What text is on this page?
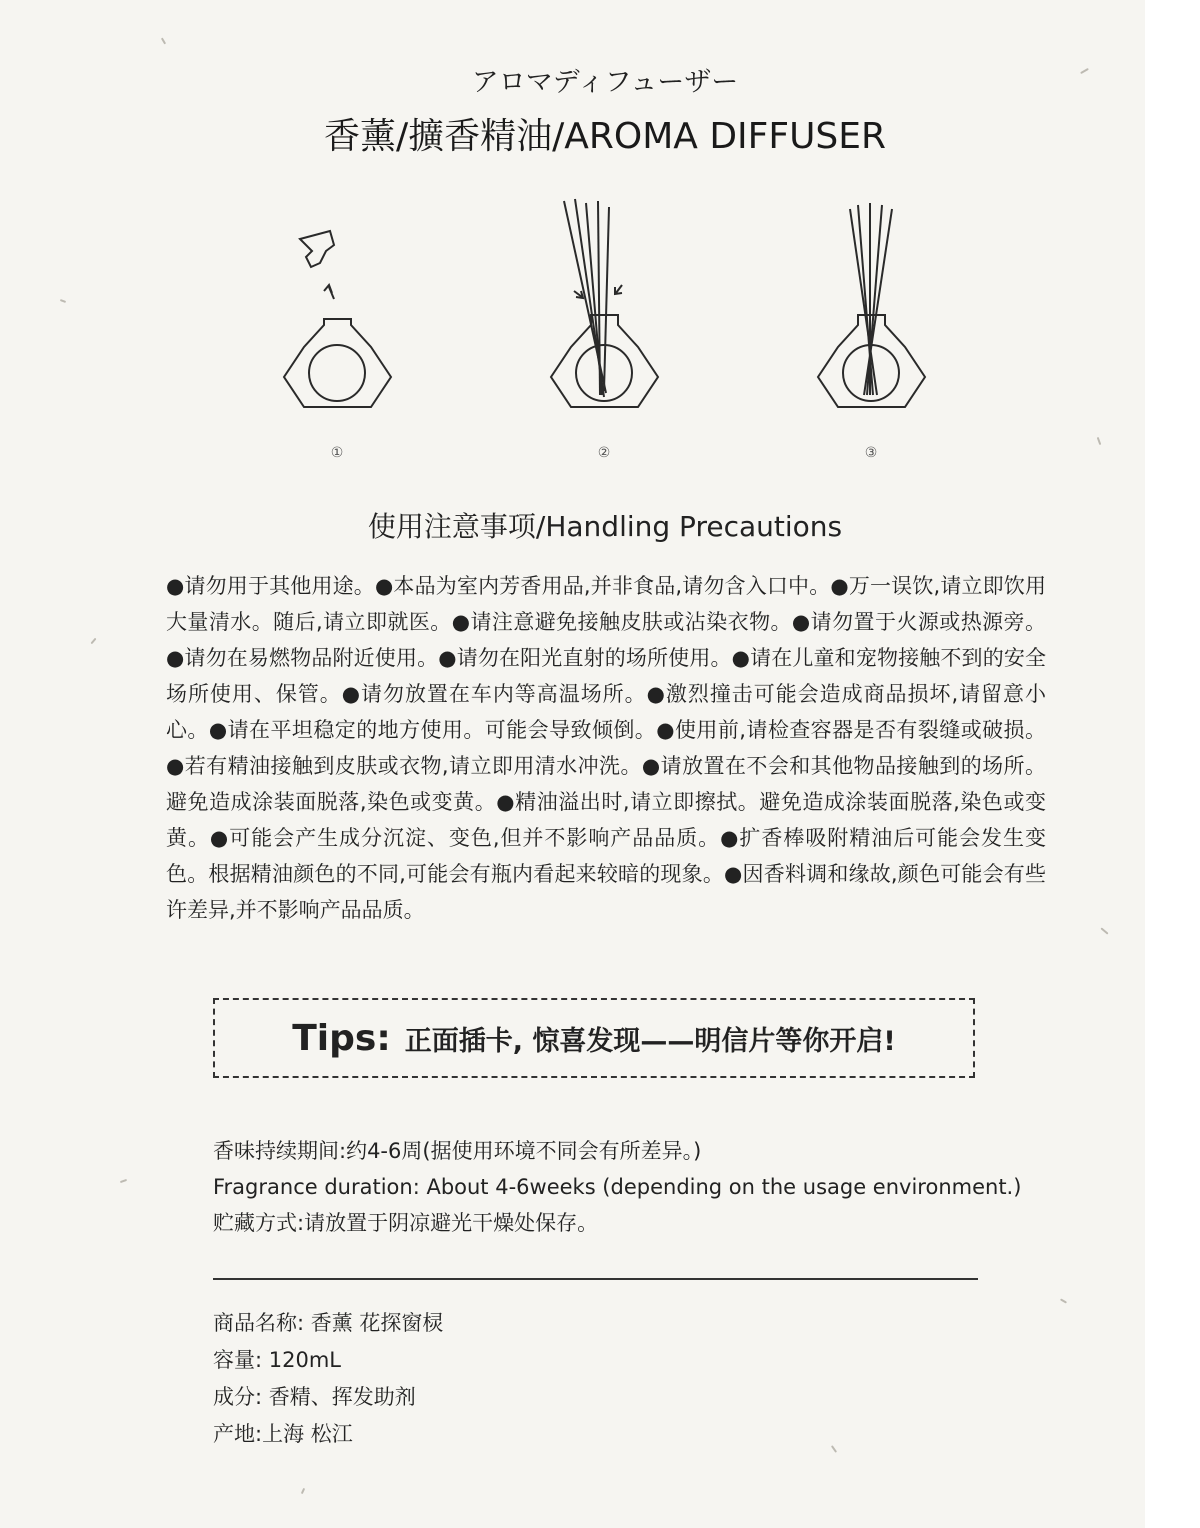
アロマディフューザー
香薰/擴香精油/AROMA DIFFUSER
①	②	③
使用注意事项/Handling Precautions
●请勿用于其他用途。●本品为室内芳香用品,并非食品,请勿含入口中。●万一误饮,请立即饮用大量清水。随后,请立即就医。●请注意避免接触皮肤或沾染衣物。●请勿置于火源或热源旁。●请勿在易燃物品附近使用。●请勿在阳光直射的场所使用。●请在儿童和宠物接触不到的安全场所使用、保管。●请勿放置在车内等高温场所。●激烈撞击可能会造成商品损坏,请留意小心。●请在平坦稳定的地方使用。可能会导致倾倒。●使用前,请检查容器是否有裂缝或破损。●若有精油接触到皮肤或衣物,请立即用清水冲洗。●请放置在不会和其他物品接触到的场所。避免造成涂装面脱落,染色或变黄。●精油溢出时,请立即擦拭。避免造成涂装面脱落,染色或变黄。●可能会产生成分沉淀、变色,但并不影响产品品质。●扩香棒吸附精油后可能会发生变色。根据精油颜色的不同,可能会有瓶内看起来较暗的现象。●因香料调和缘故,颜色可能会有些许差异,并不影响产品品质。
Tips: 正面插卡, 惊喜发现——明信片等你开启!
香味持续期间:约4-6周(据使用环境不同会有所差异。)
Fragrance duration: About 4-6weeks (depending on the usage environment.)
贮藏方式:请放置于阴凉避光干燥处保存。
商品名称: 香薰 花探窗棂
容量: 120mL
成分: 香精、挥发助剂
产地:上海 松江
